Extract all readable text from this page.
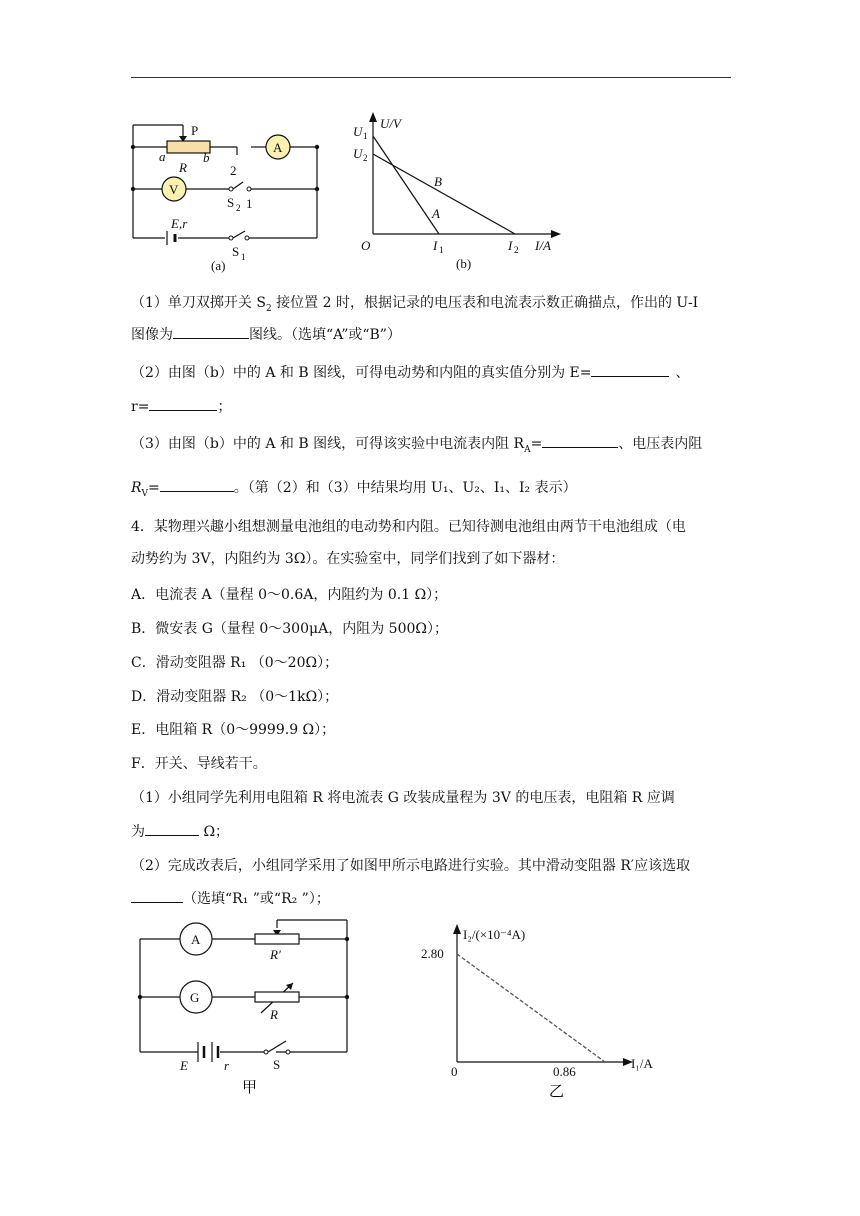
P
a
R
b
2
1
A
V
S 2
E,r
S 1
(a)
U/V
I/A
O
U 1
U 2
I 1	I 2
A
B
(b)
（1）单刀双掷开关 $S_2$ 接位置 2 时，根据记录的电压表和电流表示数正确描点，作出的 U-I
图像为	图线。（选填“A”或“B”）
（2）由图（b）中的 A 和 B 图线，可得电动势和内阻的真实值分别为 E=	、
r=	；
（3）由图（b）中的 A 和 B 图线，可得该实验中电流表内阻 $R_A=$	、电压表内阻
$R_V=$	。（第（2）和（3）中结果均用 U₁、U₂、I₁、I₂ 表示）
4．某物理兴趣小组想测量电池组的电动势和内阻。已知待测电池组由两节干电池组成（电
动势约为 3V，内阻约为 3Ω）。在实验室中，同学们找到了如下器材：
A．电流表 A（量程 0～0.6A，内阻约为 0.1 Ω）；
B．微安表 G（量程 0～300μA，内阻为 500Ω）；
C．滑动变阻器 R₁ （0～20Ω）；
D．滑动变阻器 R₂ （0～1kΩ）；
E．电阻箱 R（0～9999.9 Ω）；
F．开关、导线若干。
（1）小组同学先利用电阻箱 R 将电流表 G 改装成量程为 3V 的电压表，电阻箱 R 应调
为	Ω；
（2）完成改表后，小组同学采用了如图甲所示电路进行实验。其中滑动变阻器 R′应该选取
（选填“R₁ ”或“R₂ ”）；
A
R′
G
R
E	r	S
甲
I₂/(×10⁻⁴A)
I₁/A
0
2.80
0.86
乙
